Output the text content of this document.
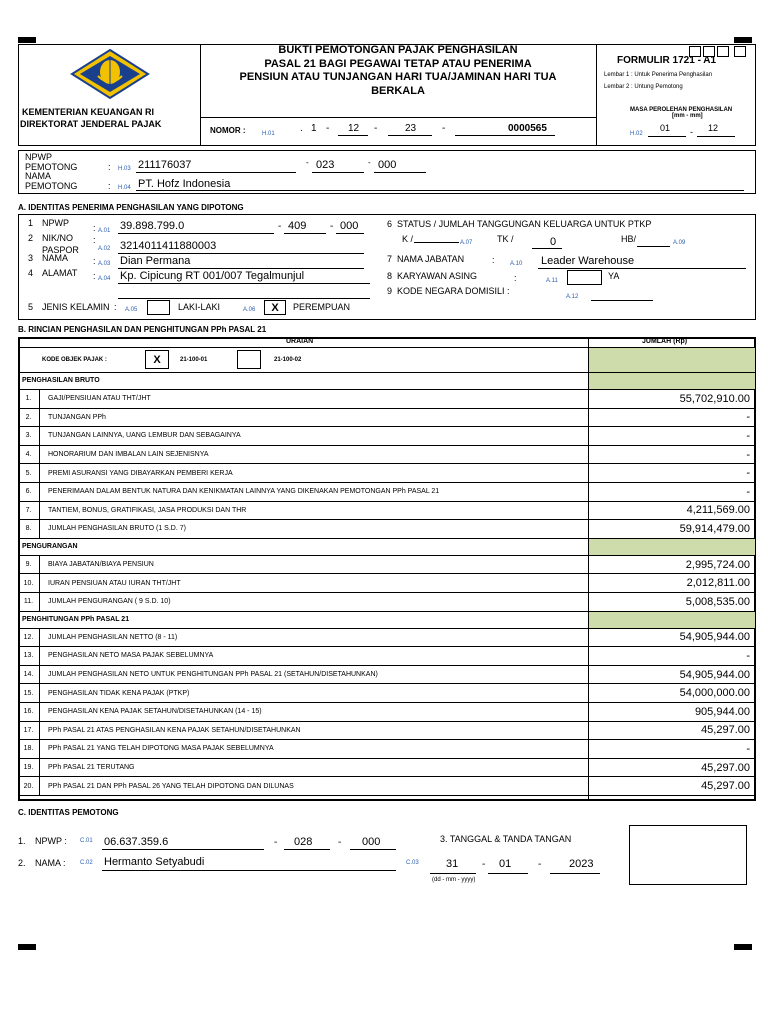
KEMENTERIAN KEUANGAN RI
DIREKTORAT JENDERAL PAJAK
BUKTI PEMOTONGAN PAJAK PENGHASILAN
PASAL 21 BAGI PEGAWAI TETAP ATAU PENERIMA
PENSIUN ATAU TUNJANGAN HARI TUA/JAMINAN HARI TUA
BERKALA
NOMOR :	H.01	. 1 - 12 -	23	-	0000565
FORMULIR 1721 - A1
Lembar 1 : Untuk Penerima Penghasilan
Lembar 2 : Untung Pemotong
MASA PEROLEHAN PENGHASILAN
[mm - mm]
H.02
01 - 12
NPWP
PEMOTONG	: H.03 211176037	- 023	- 000
NAMA
PEMOTONG	: H.04 PT. Hofz Indonesia
A. IDENTITAS PENERIMA PENGHASILAN YANG DIPOTONG
1 NPWP	: A.01 39.898.799.0	- 409 - 000
2 NIK/NO :
PASPOR	A.02 3214011411880003
3 NAMA	: A.03 Dian Permana
4 ALAMAT : A.04 Kp. Cipicung RT 001/007 Tegalmunjul
5 JENIS KELAMIN : A.05	LAKI-LAKI	A.06	X	PEREMPUAN
6 STATUS / JUMLAH TANGGUNGAN KELUARGA UNTUK PTKP
K /	A.07	TK /	0	HB/	A.09
7 NAMA JABATAN	:	A.10 Leader Warehouse
8 KARYAWAN ASING	:	A.11	YA
9 KODE NEGARA DOMISILI :
A.12
B. RINCIAN PENGHASILAN DAN PENGHITUNGAN PPh PASAL 21
URAIAN	JUMLAH (Rp)
KODE OBJEK PAJAK :	X	21-100-01	21-100-02
PENGHASILAN BRUTO
1.	GAJI/PENSIUAN ATAU THT/JHT	55,702,910.00
2.	TUNJANGAN PPh	-
3.	TUNJANGAN LAINNYA, UANG LEMBUR DAN SEBAGAINYA	-
4.	HONORARIUM DAN IMBALAN LAIN SEJENISNYA	-
5.	PREMI ASURANSI YANG DIBAYARKAN PEMBERI KERJA	-
6.	PENERIMAAN DALAM BENTUK NATURA DAN KENIKMATAN LAINNYA YANG DIKENAKAN PEMOTONGAN PPh PASAL 21	-
7.	TANTIEM, BONUS, GRATIFIKASI, JASA PRODUKSI DAN THR	4,211,569.00
8.	JUMLAH PENGHASILAN BRUTO (1 S.D. 7)	59,914,479.00
PENGURANGAN
9.	BIAYA JABATAN/BIAYA PENSIUN	2,995,724.00
10.	IURAN PENSIUAN ATAU IURAN THT/JHT	2,012,811.00
11.	JUMLAH PENGURANGAN ( 9 S.D. 10)	5,008,535.00
PENGHITUNGAN PPh PASAL 21
12.	JUMLAH PENGHASILAN NETTO (8 - 11)	54,905,944.00
13.	PENGHASILAN NETO MASA PAJAK SEBELUMNYA	-
14.	JUMLAH PENGHASILAN NETO UNTUK PENGHITUNGAN PPh PASAL 21 (SETAHUN/DISETAHUNKAN)	54,905,944.00
15.	PENGHASILAN TIDAK KENA PAJAK (PTKP)	54,000,000.00
16.	PENGHASILAN KENA PAJAK SETAHUN/DISETAHUNKAN (14 - 15)	905,944.00
17.	PPh PASAL 21 ATAS PENGHASILAN KENA PAJAK SETAHUN/DISETAHUNKAN	45,297.00
18.	PPh PASAL 21 YANG TELAH DIPOTONG MASA PAJAK SEBELUMNYA	-
19.	PPh PASAL 21 TERUTANG	45,297.00
20.	PPh PASAL 21 DAN PPh PASAL 26 YANG TELAH DIPOTONG DAN DILUNAS	45,297.00
C. IDENTITAS PEMOTONG
1. NPWP : C.01 06.637.359.6	- 028	- 000	3. TANGGAL & TANDA TANGAN
2. NAMA : C.02 Hermanto Setyabudi	C.03 31 - 01	-	2023
(dd - mm - yyyy)
